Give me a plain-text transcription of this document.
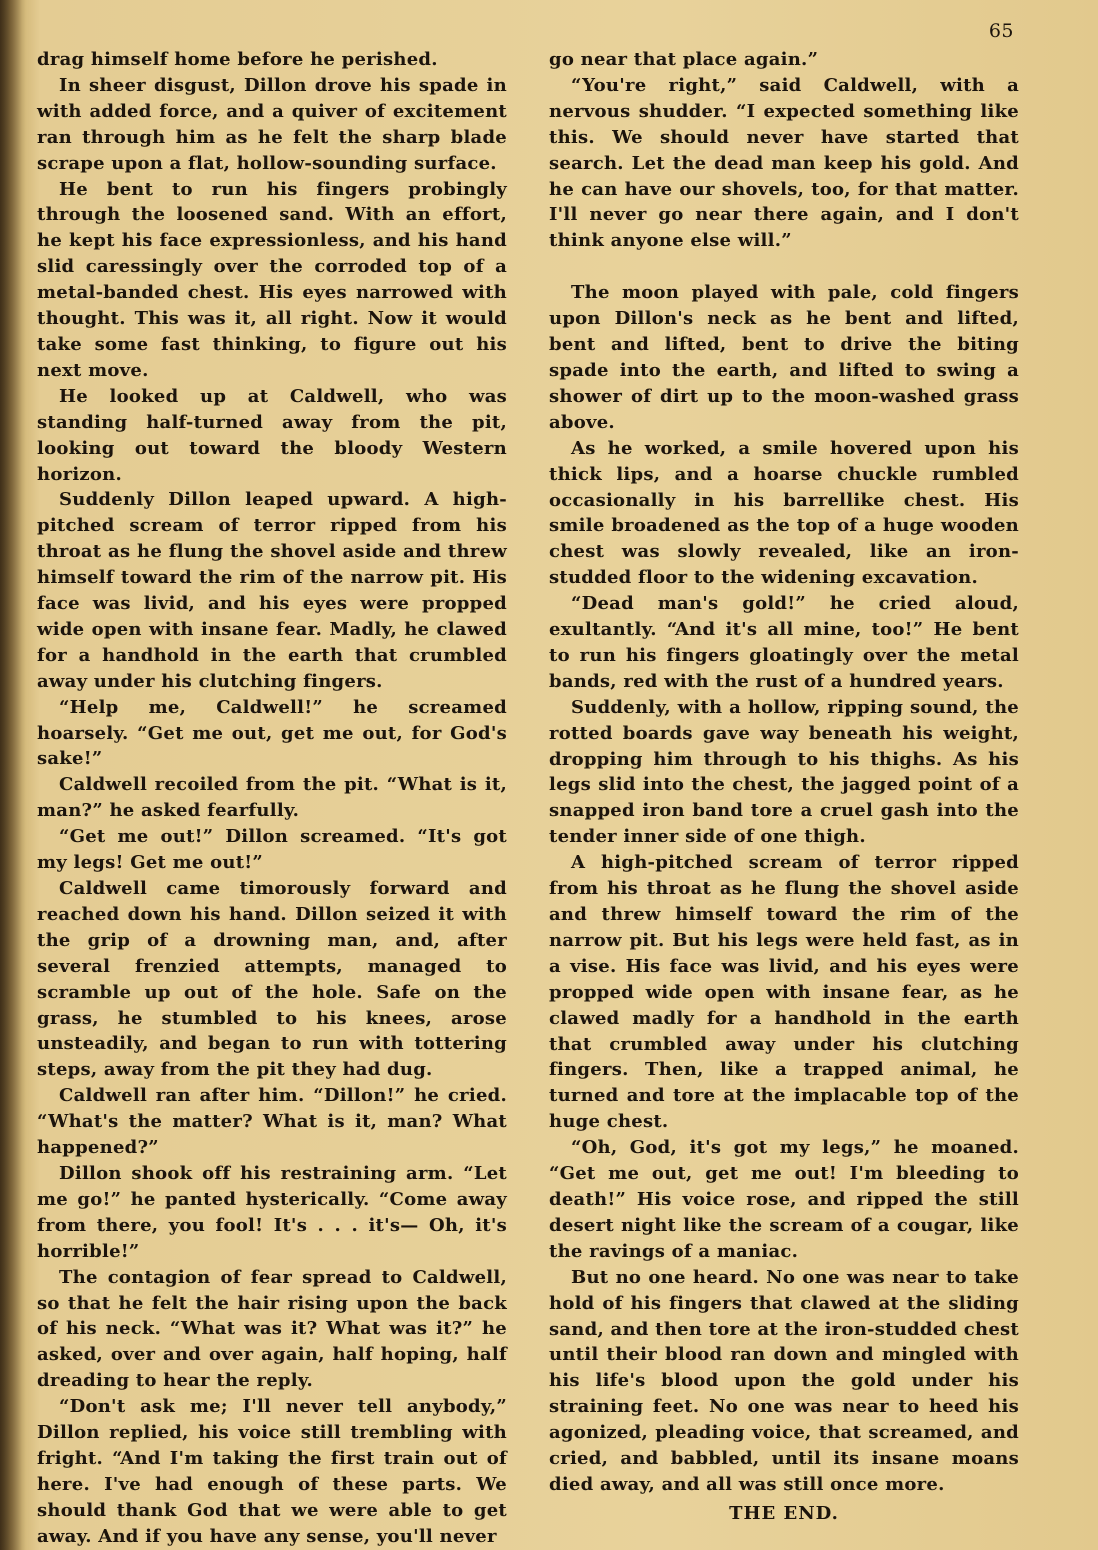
65

drag himself home before he perished.

In sheer disgust, Dillon drove his spade in with added force, and a quiver of excitement ran through him as he felt the sharp blade scrape upon a flat, hollow-sounding surface.

He bent to run his fingers probingly through the loosened sand. With an effort, he kept his face expressionless, and his hand slid caressingly over the corroded top of a metal-banded chest. His eyes narrowed with thought. This was it, all right. Now it would take some fast thinking, to figure out his next move.

He looked up at Caldwell, who was standing half-turned away from the pit, looking out toward the bloody Western horizon.

Suddenly Dillon leaped upward. A high-pitched scream of terror ripped from his throat as he flung the shovel aside and threw himself toward the rim of the narrow pit. His face was livid, and his eyes were propped wide open with insane fear. Madly, he clawed for a handhold in the earth that crumbled away under his clutching fingers.

“Help me, Caldwell!” he screamed hoarsely. “Get me out, get me out, for God's sake!”

Caldwell recoiled from the pit. “What is it, man?” he asked fearfully.

“Get me out!” Dillon screamed. “It's got my legs! Get me out!”

Caldwell came timorously forward and reached down his hand. Dillon seized it with the grip of a drowning man, and, after several frenzied attempts, managed to scramble up out of the hole. Safe on the grass, he stumbled to his knees, arose unsteadily, and began to run with tottering steps, away from the pit they had dug.

Caldwell ran after him. “Dillon!” he cried. “What's the matter? What is it, man? What happened?”

Dillon shook off his restraining arm. “Let me go!” he panted hysterically. “Come away from there, you fool! It's . . . it's— Oh, it's horrible!”

The contagion of fear spread to Caldwell, so that he felt the hair rising upon the back of his neck. “What was it? What was it?” he asked, over and over again, half hoping, half dreading to hear the reply.

“Don't ask me; I'll never tell anybody,” Dillon replied, his voice still trembling with fright. “And I'm taking the first train out of here. I've had enough of these parts. We should thank God that we were able to get away. And if you have any sense, you'll never

go near that place again.”

“You're right,” said Caldwell, with a nervous shudder. “I expected something like this. We should never have started that search. Let the dead man keep his gold. And he can have our shovels, too, for that matter. I'll never go near there again, and I don't think anyone else will.”

The moon played with pale, cold fingers upon Dillon's neck as he bent and lifted, bent and lifted, bent to drive the biting spade into the earth, and lifted to swing a shower of dirt up to the moon-washed grass above.

As he worked, a smile hovered upon his thick lips, and a hoarse chuckle rumbled occasionally in his barrellike chest. His smile broadened as the top of a huge wooden chest was slowly revealed, like an iron-studded floor to the widening excavation.

“Dead man's gold!” he cried aloud, exultantly. “And it's all mine, too!” He bent to run his fingers gloatingly over the metal bands, red with the rust of a hundred years.

Suddenly, with a hollow, ripping sound, the rotted boards gave way beneath his weight, dropping him through to his thighs. As his legs slid into the chest, the jagged point of a snapped iron band tore a cruel gash into the tender inner side of one thigh.

A high-pitched scream of terror ripped from his throat as he flung the shovel aside and threw himself toward the rim of the narrow pit. But his legs were held fast, as in a vise. His face was livid, and his eyes were propped wide open with insane fear, as he clawed madly for a handhold in the earth that crumbled away under his clutching fingers. Then, like a trapped animal, he turned and tore at the implacable top of the huge chest.

“Oh, God, it's got my legs,” he moaned. “Get me out, get me out! I'm bleeding to death!” His voice rose, and ripped the still desert night like the scream of a cougar, like the ravings of a maniac.

But no one heard. No one was near to take hold of his fingers that clawed at the sliding sand, and then tore at the iron-studded chest until their blood ran down and mingled with his life's blood upon the gold under his straining feet. No one was near to heed his agonized, pleading voice, that screamed, and cried, and babbled, until its insane moans died away, and all was still once more.

THE END.
